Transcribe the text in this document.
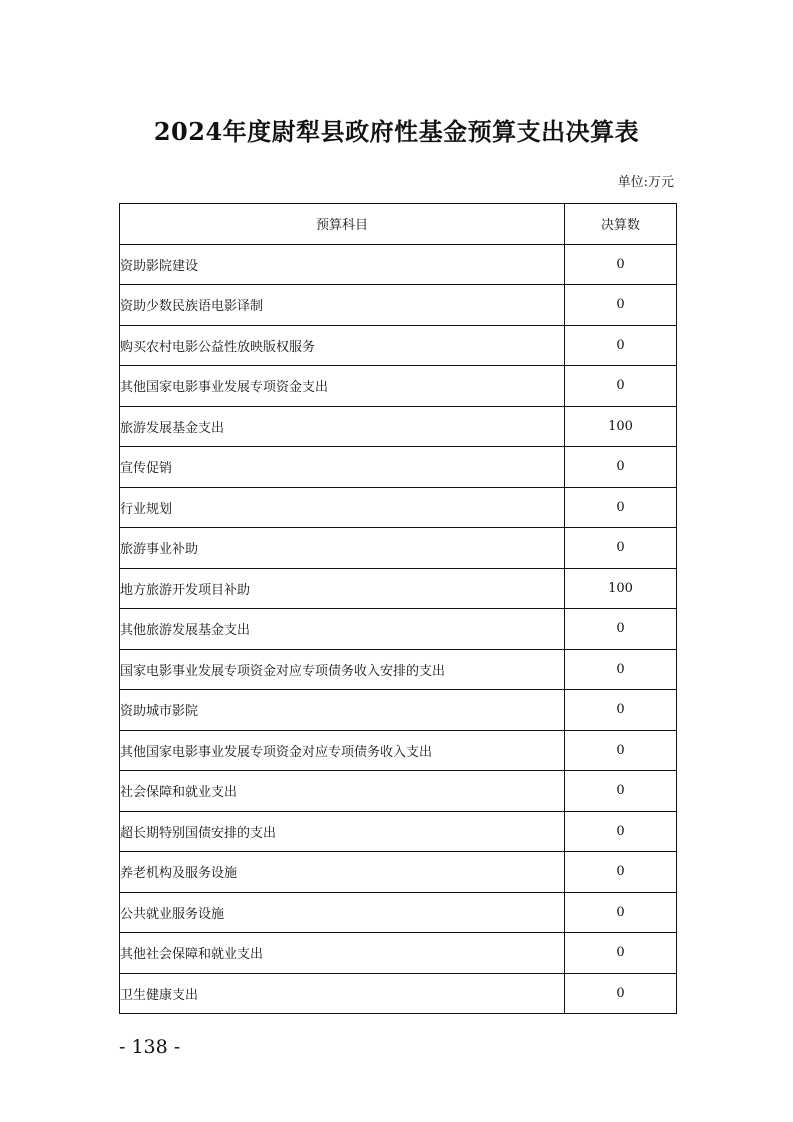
2024年度尉犁县政府性基金预算支出决算表
单位:万元
预算科目	决算数
资助影院建设	0
资助少数民族语电影译制	0
购买农村电影公益性放映版权服务	0
其他国家电影事业发展专项资金支出	0
旅游发展基金支出	100
宣传促销	0
行业规划	0
旅游事业补助	0
地方旅游开发项目补助	100
其他旅游发展基金支出	0
国家电影事业发展专项资金对应专项债务收入安排的支出	0
资助城市影院	0
其他国家电影事业发展专项资金对应专项债务收入支出	0
社会保障和就业支出	0
超长期特别国债安排的支出	0
养老机构及服务设施	0
公共就业服务设施	0
其他社会保障和就业支出	0
卫生健康支出	0
- 138 -
